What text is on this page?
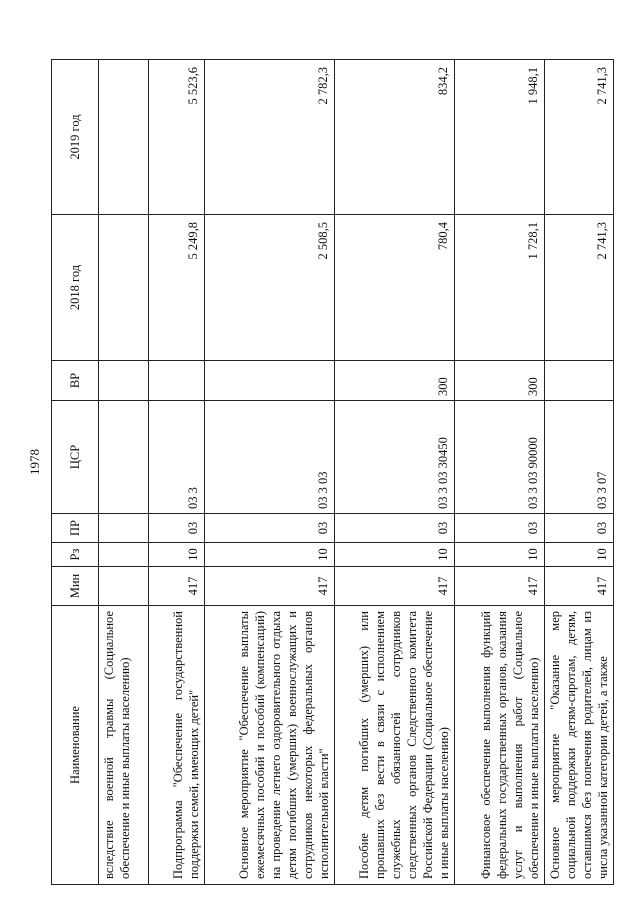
1978
Наименование	Мин	Рз	ПР	ЦСР	ВР	2018 год	2019 год
вследствие военной травмы (Социальное обеспечение и иные выплаты населению)							
Подпрограмма "Обеспечение государственной поддержки семей, имеющих детей"	417	10	03	03 3		5 249,8	5 523,6
Основное мероприятие "Обеспечение выплаты ежемесячных пособий и пособий (компенсаций) на проведение летнего оздоровительного отдыха детям погибших (умерших) военнослужащих и сотрудников некоторых федеральных органов исполнительной власти"	417	10	03	03 3 03		2 508,5	2 782,3
Пособие детям погибших (умерших) или пропавших без вести в связи с исполнением служебных обязанностей сотрудников следственных органов Следственного комитета Российской Федерации (Социальное обеспечение и иные выплаты населению)	417	10	03	03 3 03 30450	300	780,4	834,2
Финансовое обеспечение выполнения функций федеральных государственных органов, оказания услуг и выполнения работ (Социальное обеспечение и иные выплаты населению)	417	10	03	03 3 03 90000	300	1 728,1	1 948,1
Основное мероприятие "Оказание мер социальной поддержки детям-сиротам, детям, оставшимся без попечения родителей, лицам из числа указанной категории детей, а также	417	10	03	03 3 07		2 741,3	2 741,3
